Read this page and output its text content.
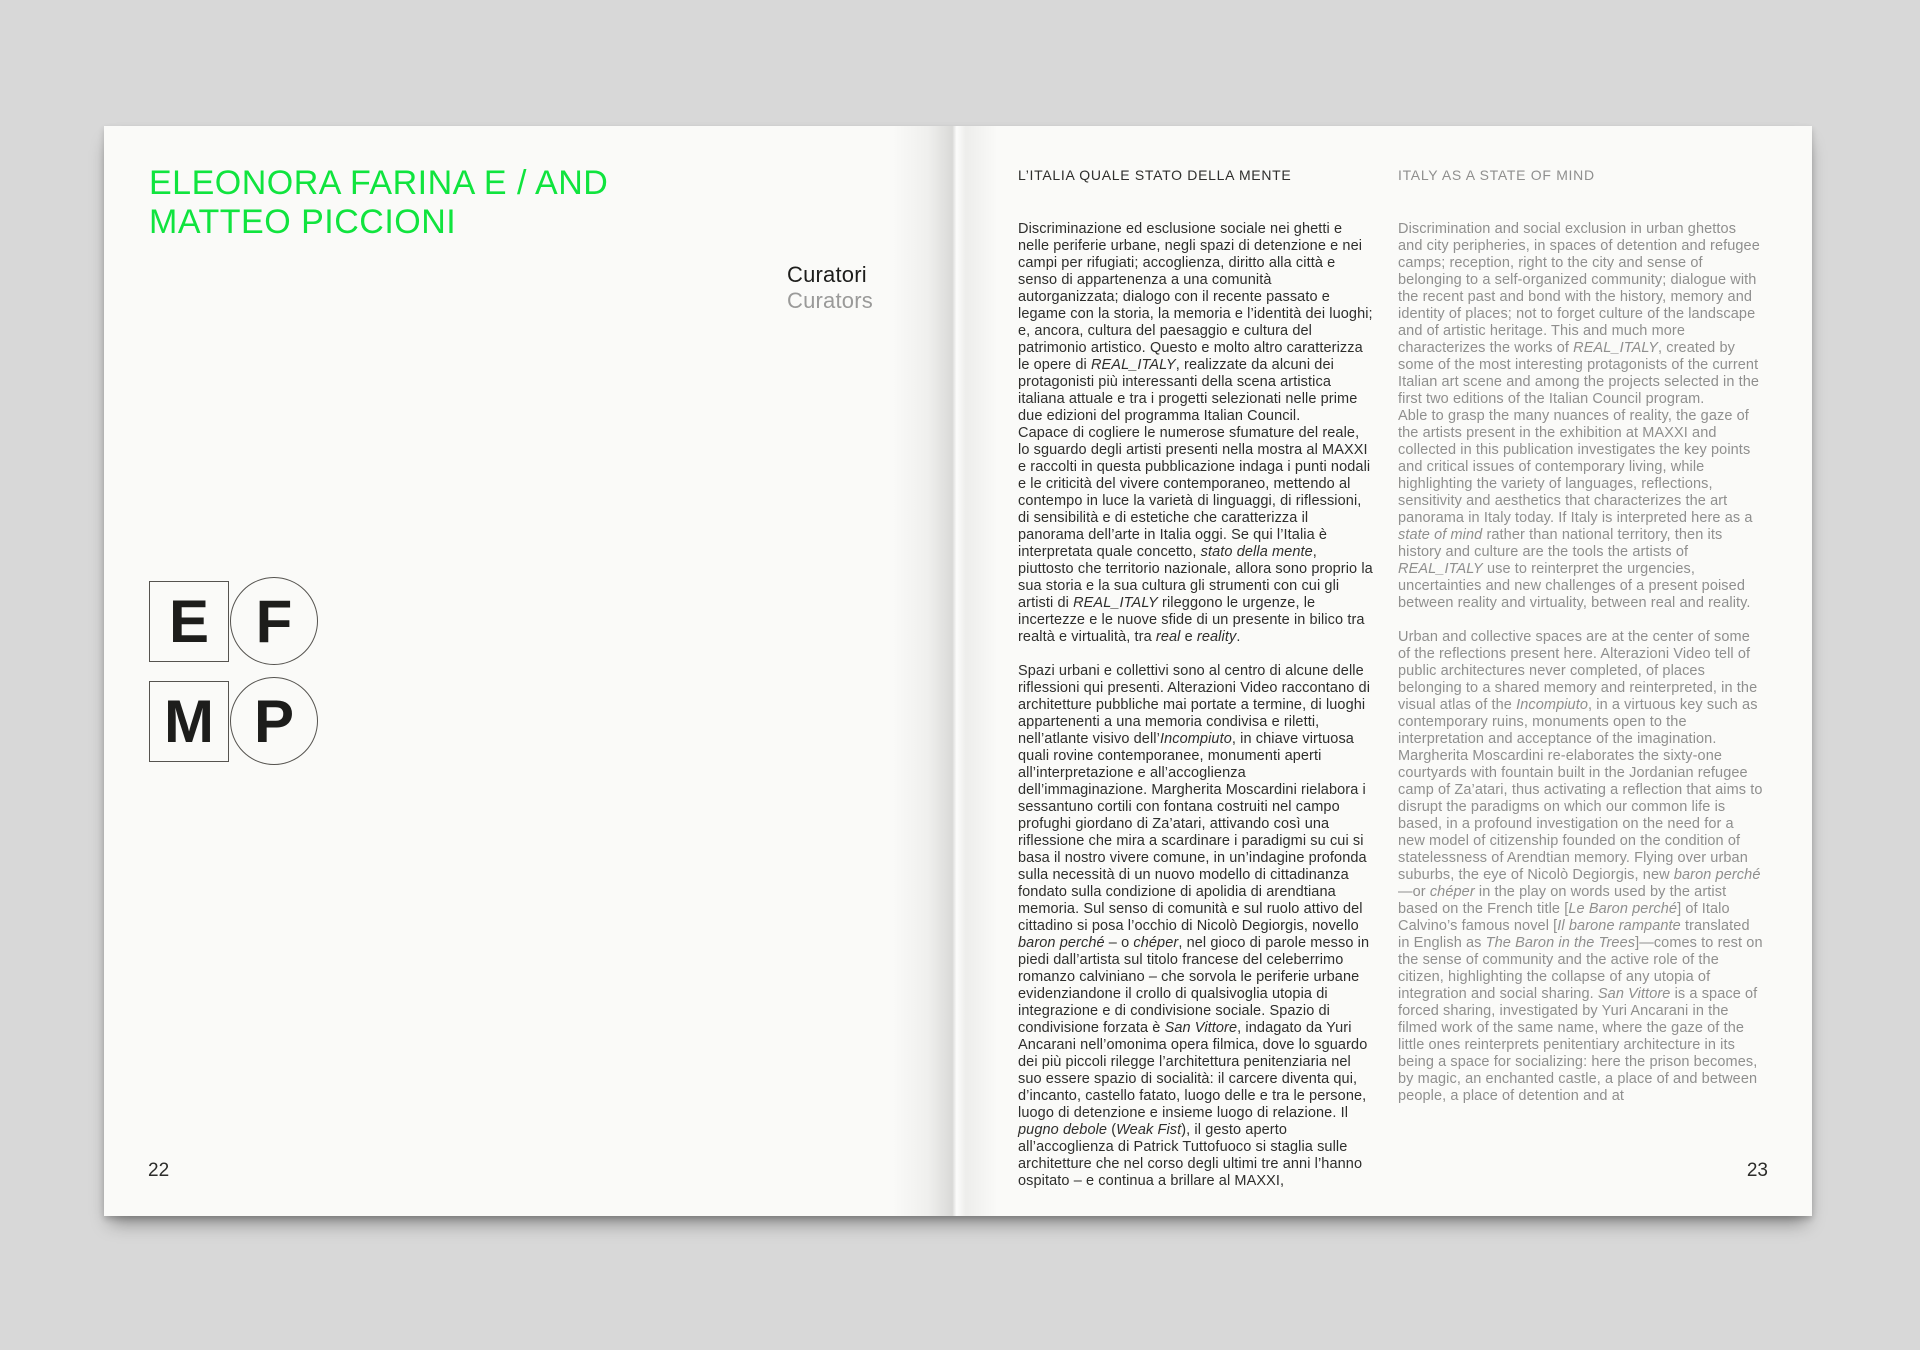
ELEONORA FARINA E / AND
MATTEO PICCIONI
Curatori
Curators
E F
M P
22
L’ITALIA QUALE STATO DELLA MENTE

Discriminazione ed esclusione sociale nei ghetti e nelle periferie urbane, negli spazi di detenzione e nei campi per rifugiati; accoglienza, diritto alla città e senso di appartenenza a una comunità autorganizzata; dialogo con il recente passato e legame con la storia, la memoria e l’identità dei luoghi; e, ancora, cultura del paesaggio e cultura del patrimonio artistico. Questo e molto altro caratterizza le opere di REAL_ITALY, realizzate da alcuni dei protagonisti più interessanti della scena artistica italiana attuale e tra i progetti selezionati nelle prime due edizioni del programma Italian Council.

Capace di cogliere le numerose sfumature del reale, lo sguardo degli artisti presenti nella mostra al MAXXI e raccolti in questa pubblicazione indaga i punti nodali e le criticità del vivere contemporaneo, mettendo al contempo in luce la varietà di linguaggi, di riflessioni, di sensibilità e di estetiche che caratterizza il panorama dell’arte in Italia oggi. Se qui l’Italia è interpretata quale concetto, stato della mente, piuttosto che territorio nazionale, allora sono proprio la sua storia e la sua cultura gli strumenti con cui gli artisti di REAL_ITALY rileggono le urgenze, le incertezze e le nuove sfide di un presente in bilico tra realtà e virtualità, tra real e reality.

Spazi urbani e collettivi sono al centro di alcune delle riflessioni qui presenti. Alterazioni Video raccontano di architetture pubbliche mai portate a termine, di luoghi appartenenti a una memoria condivisa e riletti, nell’atlante visivo dell’Incompiuto, in chiave virtuosa quali rovine contemporanee, monumenti aperti all’interpretazione e all’accoglienza dell’immaginazione. Margherita Moscardini rielabora i sessantuno cortili con fontana costruiti nel campo profughi giordano di Za’atari, attivando così una riflessione che mira a scardinare i paradigmi su cui si basa il nostro vivere comune, in un’indagine profonda sulla necessità di un nuovo modello di cittadinanza fondato sulla condizione di apolidia di arendtiana memoria. Sul senso di comunità e sul ruolo attivo del cittadino si posa l’occhio di Nicolò Degiorgis, novello baron perché – o chéper, nel gioco di parole messo in piedi dall’artista sul titolo francese del celeberrimo romanzo calviniano – che sorvola le periferie urbane evidenziandone il crollo di qualsivoglia utopia di integrazione e di condivisione sociale. Spazio di condivisione forzata è San Vittore, indagato da Yuri Ancarani nell’omonima opera filmica, dove lo sguardo dei più piccoli rilegge l’architettura penitenziaria nel suo essere spazio di socialità: il carcere diventa qui, d’incanto, castello fatato, luogo delle e tra le persone, luogo di detenzione e insieme luogo di relazione. Il pugno debole (Weak Fist), il gesto aperto all’accoglienza di Patrick Tuttofuoco si staglia sulle architetture che nel corso degli ultimi tre anni l’hanno ospitato – e continua a brillare al MAXXI,

ITALY AS A STATE OF MIND

Discrimination and social exclusion in urban ghettos and city peripheries, in spaces of detention and refugee camps; reception, right to the city and sense of belonging to a self-organized community; dialogue with the recent past and bond with the history, memory and identity of places; not to forget culture of the landscape and of artistic heritage. This and much more characterizes the works of REAL_ITALY, created by some of the most interesting protagonists of the current Italian art scene and among the projects selected in the first two editions of the Italian Council program.

Able to grasp the many nuances of reality, the gaze of the artists present in the exhibition at MAXXI and collected in this publication investigates the key points and critical issues of contemporary living, while highlighting the variety of languages, reflections, sensitivity and aesthetics that characterizes the art panorama in Italy today. If Italy is interpreted here as a state of mind rather than national territory, then its history and culture are the tools the artists of REAL_ITALY use to reinterpret the urgencies, uncertainties and new challenges of a present poised between reality and virtuality, between real and reality.

Urban and collective spaces are at the center of some of the reflections present here. Alterazioni Video tell of public architectures never completed, of places belonging to a shared memory and reinterpreted, in the visual atlas of the Incompiuto, in a virtuous key such as contemporary ruins, monuments open to the interpretation and acceptance of the imagination. Margherita Moscardini re-elaborates the sixty-one courtyards with fountain built in the Jordanian refugee camp of Za’atari, thus activating a reflection that aims to disrupt the paradigms on which our common life is based, in a profound investigation on the need for a new model of citizenship founded on the condition of statelessness of Arendtian memory. Flying over urban suburbs, the eye of Nicolò Degiorgis, new baron perché—or chéper in the play on words used by the artist based on the French title [Le Baron perché] of Italo Calvino’s famous novel [Il barone rampante translated in English as The Baron in the Trees]—comes to rest on the sense of community and the active role of the citizen, highlighting the collapse of any utopia of integration and social sharing. San Vittore is a space of forced sharing, investigated by Yuri Ancarani in the filmed work of the same name, where the gaze of the little ones reinterprets penitentiary architecture in its being a space for socializing: here the prison becomes, by magic, an enchanted castle, a place of and between people, a place of detention and at

23
